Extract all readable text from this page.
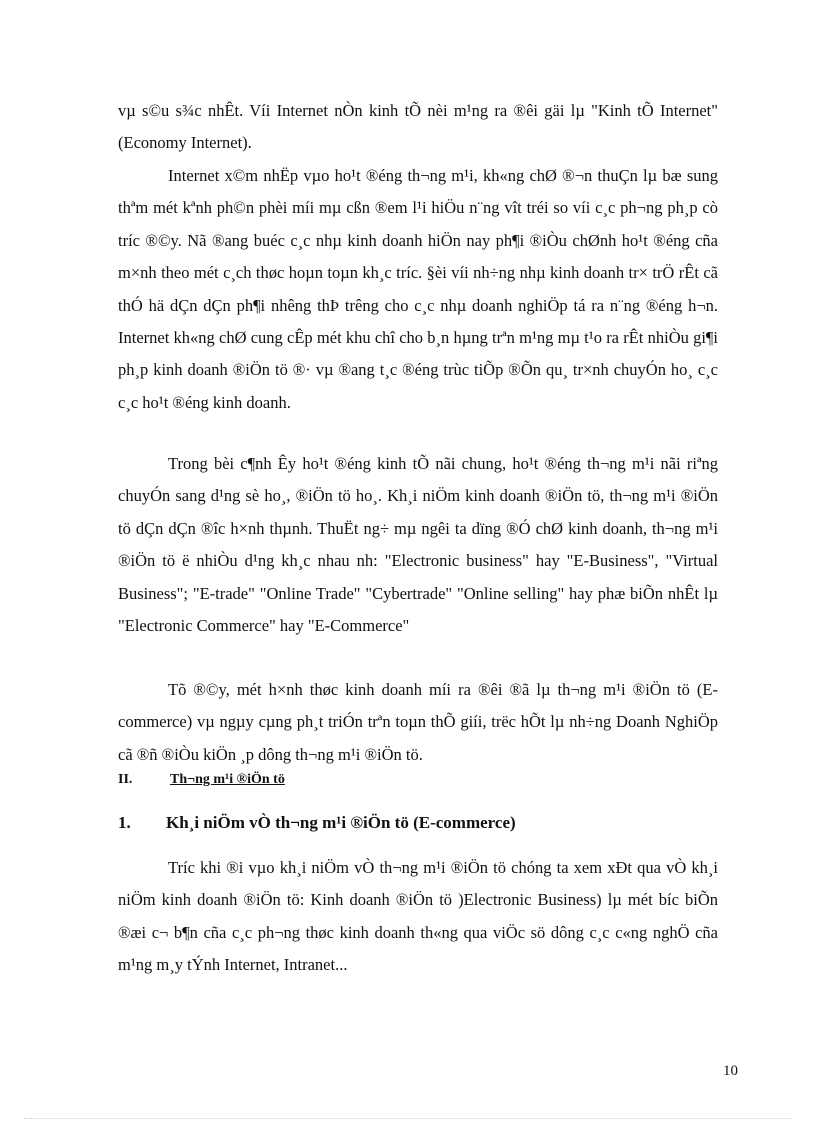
vµ s©u s¾c nhÊt. Víi Internet nÒn kinh tÕ nèi m¹ng ra ®êi gäi lµ "Kinh tÕ Internet" (Economy Internet).

Internet x©m nhËp vµo ho¹t ®éng th¬ng m¹i, kh«ng chØ ®¬n thuÇn lµ bæ sung thªm mét kªnh ph©n phèi míi mµ cßn ®em l¹i hiÖu n¨ng vît tréi so víi c¸c ph¬ng ph¸p cò tríc ®©y. Nã ®ang buéc c¸c nhµ kinh doanh hiÖn nay ph¶i ®iÒu chØnh ho¹t ®éng cña m×nh theo mét c¸ch thøc hoµn toµn kh¸c tríc. §èi víi nh÷ng nhµ kinh doanh tr× trÖ rÊt cã thÓ hä dÇn dÇn ph¶i nhêng thÞ trêng cho c¸c nhµ doanh nghiÖp tá ra n¨ng ®éng h¬n. Internet kh«ng chØ cung cÊp mét khu chî cho b¸n hµng trªn m¹ng mµ t¹o ra rÊt nhiÒu gi¶i ph¸p kinh doanh ®iÖn tö ®· vµ ®ang t¸c ®éng trùc tiÕp ®Õn qu¸ tr×nh chuyÓn ho¸ c¸c c¸c ho¹t ®éng kinh doanh.

Trong bèi c¶nh Êy ho¹t ®éng kinh tÕ nãi chung, ho¹t ®éng th¬ng m¹i nãi riªng chuyÓn sang d¹ng sè ho¸, ®iÖn tö ho¸. Kh¸i niÖm kinh doanh ®iÖn tö, th¬ng m¹i ®iÖn tö dÇn dÇn ®îc h×nh thµnh. ThuËt ng÷ mµ ngêi ta dïng ®Ó chØ kinh doanh, th¬ng m¹i ®iÖn tö ë nhiÒu d¹ng kh¸c nhau nh: "Electronic business" hay "E-Business", "Virtual Business"; "E-trade" "Online Trade" "Cybertrade" "Online selling" hay phæ biÕn nhÊt lµ "Electronic Commerce" hay "E-Commerce"

Tõ ®©y, mét h×nh thøc kinh doanh míi ra ®êi ®ã lµ th¬ng m¹i ®iÖn tö (E-commerce) vµ ngµy cµng ph¸t triÓn trªn toµn thÕ giíi, trëc hÕt lµ nh÷ng Doanh NghiÖp cã ®ñ ®iÒu kiÖn ¸p dông th¬ng m¹i ®iÖn tö.

II.	Th¬ng m¹i ®iÖn tö
1. Kh¸i niÖm vÒ th¬ng m¹i ®iÖn tö (E-commerce)

Tríc khi ®i vµo kh¸i niÖm vÒ th¬ng m¹i ®iÖn tö chóng ta xem xÐt qua vÒ kh¸i niÖm kinh doanh ®iÖn tö: Kinh doanh ®iÖn tö )Electronic Business) lµ mét bíc biÕn ®æi c¬ b¶n cña c¸c ph¬ng thøc kinh doanh th«ng qua viÖc sö dông c¸c c«ng nghÖ cña m¹ng m¸y tÝnh Internet, Intranet...

10
